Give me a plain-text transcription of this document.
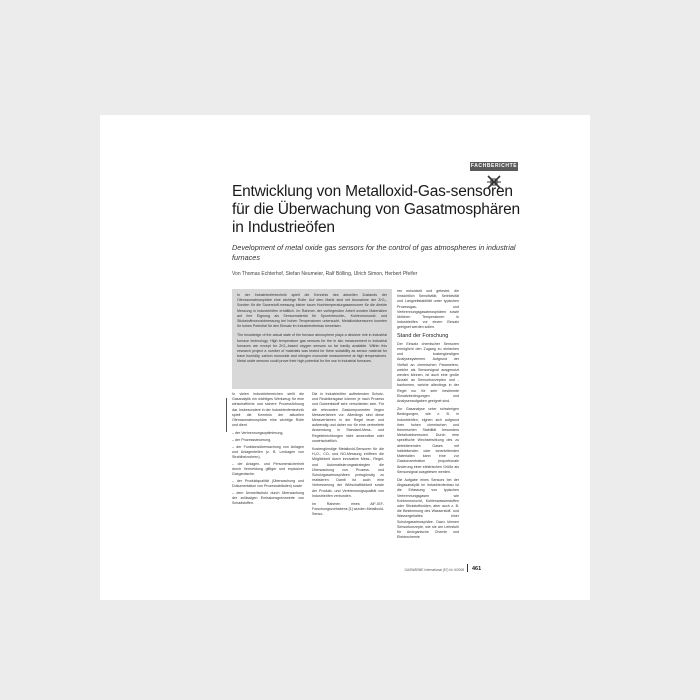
FACHBERICHTE
Entwicklung von Metalloxid-Gas-sensoren für die Überwachung von Gasatmosphären in Industrieöfen

Development of metal oxide gas sensors for the control of gas atmospheres in industrial furnaces

Von Thomas Echterhof, Stefan Neumeier, Ralf Bölling, Ulrich Simon, Herbert Pfeifer

In der Industrieofentechnik spielt die Kenntnis des aktuellen Zustands der Ofenraumatmosphäre eine wichtige Rolle. Auf dem Markt sind mit Ausnahme der ZrO₂-Sonden für die Sauerstoff-messung bisher kaum Hochtemperaturgassensoren für die direkte Messung in Industrieöfen erhältlich. Im Rahmen der vorliegenden Arbeit wurden Materialien auf ihre Eignung als Sensormaterial für Spurenfeuchte-, Kohlenmonoxid- und Stickstoffmonoxidmessung bei hohen Temperaturen untersucht. Metalloxidsensoren konnten ihr hohes Potential für den Einsatz im Industrieofenbau beweisen.

The knowledge of the actual state of the furnace atmosphere plays a decisive role in industrial furnace technology. High temperature gas sensors for the in situ measurement in industrial furnaces are except for ZrO₂-based oxygen sensors so far hardly available. Within this research project a number of materials was tested for there suitability as sensor material for trace humidity, carbon monoxide and nitrogen monoxide measurement at high temperatures. Metal oxide sensors could prove their high potential for the use in industrial furnaces.

In vielen Industriebereichen stellt die Gasanalytik ein wichtiges Werkzeug für eine wirtschaftliche und sichere Prozessführung dar. Insbesondere in der Industrieofentechnik spielt die Kenntnis der aktuellen Ofenraumatmosphäre eine wichtige Rolle und dient

– der Verbrennungsoptimierung,
– der Prozesssteuerung,
– der Funktionsüberwachung von Anlagen und Anlagenteilen (z. B. Leckagen von Strahlheizrohren),
– der Anlagen- und Personensicherheit durch Vermeidung giftiger und explosiver Gasgemische,
– der Produktqualität (Überwachung und Dokumentation von Prozessabläufen) sowie
– dem Umweltschutz durch Überwachung der zulässigen Emissionsgrenzwerte von Schadstoffen.

Die in Industrieöfen auftretenden Schutz- und Reaktionsgase können je nach Prozess und Gutwerkstoff sehr verschieden sein. Für die relevanten Gaskomponenten liegen Messverfahren vor. Allerdings sind diese Messverfahren in der Regel teuer und aufwendig und daher nur für eine verbreitete Anwendung in Standard-Mess- und Regeleinrichtungen nicht anwendbar oder unwirtschaftlich.

Kostengünstige Metalloxid-Sensoren für die H₂O-, CO- und NO-Messung eröffnen die Möglichkeit durch innovative Mess-, Regel- und Automatisierungsstrategien die Überwachung von Prozess- und Schutzgasatmosphären preisgünstig zu realisieren. Damit ist auch eine Verbesserung der Wirtschaftlichkeit sowie der Produkt- und Verbrennungsqualität von Industrieöfen verbunden.

Im Rahmen eines AiF-IGF-Forschungsvorhabens [1] wurden Metalloxid-Senso-

ren entwickelt und getestet, die hinsichtlich Sensitivität, Selektivität und Langzeitstabilität unter typischen Prozessgas- und Verbrennungsgasatmosphären sowie üblichen Temperaturen in Industrieöfen vor einem Einsatz geeignet werden sollen.

Stand der Forschung

Der Einsatz chemischer Sensoren ermöglicht den Zugang zu einfachen und kostengünstigen Analysesystemen. Aufgrund der Vielfalt an chemischen Parametern, welche als Sensorsignal ausgenutzt werden können, ist auch eine große Anzahl an Sensorkonzepten und -bauformen, welche allerdings in der Regel nur für sehr bestimmte Einsatzbedingungen und Analysenaufgaben geeignet sind.

Zur Gasanalyse unter schwierigen Bedingungen, wie z. B. in Industrieöfen, eignen sich aufgrund ihrer hohen chemischen und thermischen Stabilität besonders Metalloxidsensoren. Durch eine spezifische Wechselwirkung des zu detektierenden Gases mit halbleitenden oder ionenleitenden Materialien kann eine zur Gaskonzentration proportionale Änderung einer elektrischen Größe als Sensorsignal ausgelesen werden.

Die Aufgabe eines Sensors bei der Abgasanalytik im Industrieofenbau ist die Erfassung von typischen Verbrennungsgasen wie Kohlenmonoxid, Kohlenwasserstoffen oder Stickstoffoxiden, aber auch z. B. die Bestimmung des Wasserstoff- und Wassergehaltes einer Schutzgasatmosphäre. Dazu können Sensorkonzepte, wie sie am Lehrstuhl für Anorganische Chemie und Elektrochemie

GASWÄRME International (57) Nr. 6/2008 461
